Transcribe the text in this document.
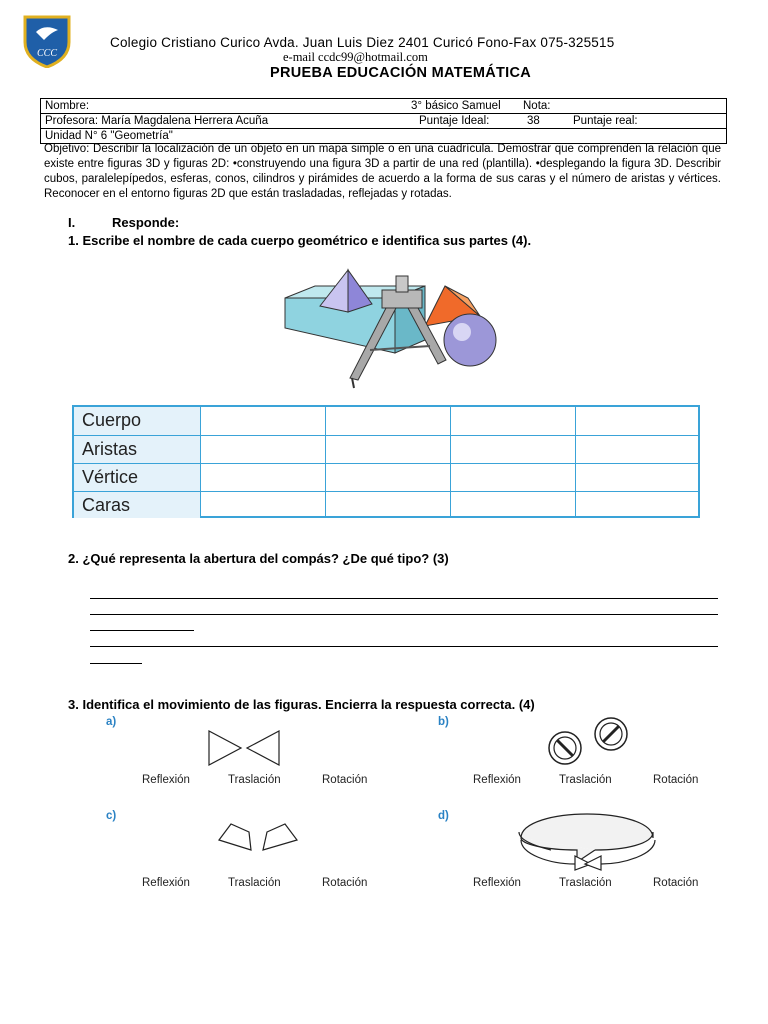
CCC
Colegio Cristiano Curico Avda. Juan Luis Diez 2401 Curicó Fono-Fax 075-325515
e-mail ccdc99@hotmail.com
PRUEBA EDUCACIÓN MATEMÁTICA
Nombre:	3° básico Samuel Nota:
Profesora: María Magdalena Herrera Acuña	Puntaje Ideal:	38	Puntaje real:
Unidad N° 6 "Geometría"
Objetivo: Describir la localización de un objeto en un mapa simple o en una cuadrícula. Demostrar que comprenden la relación que existe entre figuras 3D y figuras 2D: •construyendo una figura 3D a partir de una red (plantilla). •desplegando la figura 3D. Describir cubos, paralelepípedos, esferas, conos, cilindros y pirámides de acuerdo a la forma de sus caras y el número de aristas y vértices. Reconocer en el entorno figuras 2D que están trasladadas, reflejadas y rotadas.
I.	Responde:
1. Escribe el nombre de cada cuerpo geométrico e identifica sus partes (4).
Cuerpo
Aristas
Vértice
Caras
2. ¿Qué representa la abertura del compás? ¿De qué tipo? (3)
3. Identifica el movimiento de las figuras. Encierra la respuesta correcta. (4)
a)
Reflexión	Traslación	Rotación
b)
Reflexión	Traslación	Rotación
c)
Reflexión	Traslación	Rotación
d)
Reflexión	Traslación	Rotación
